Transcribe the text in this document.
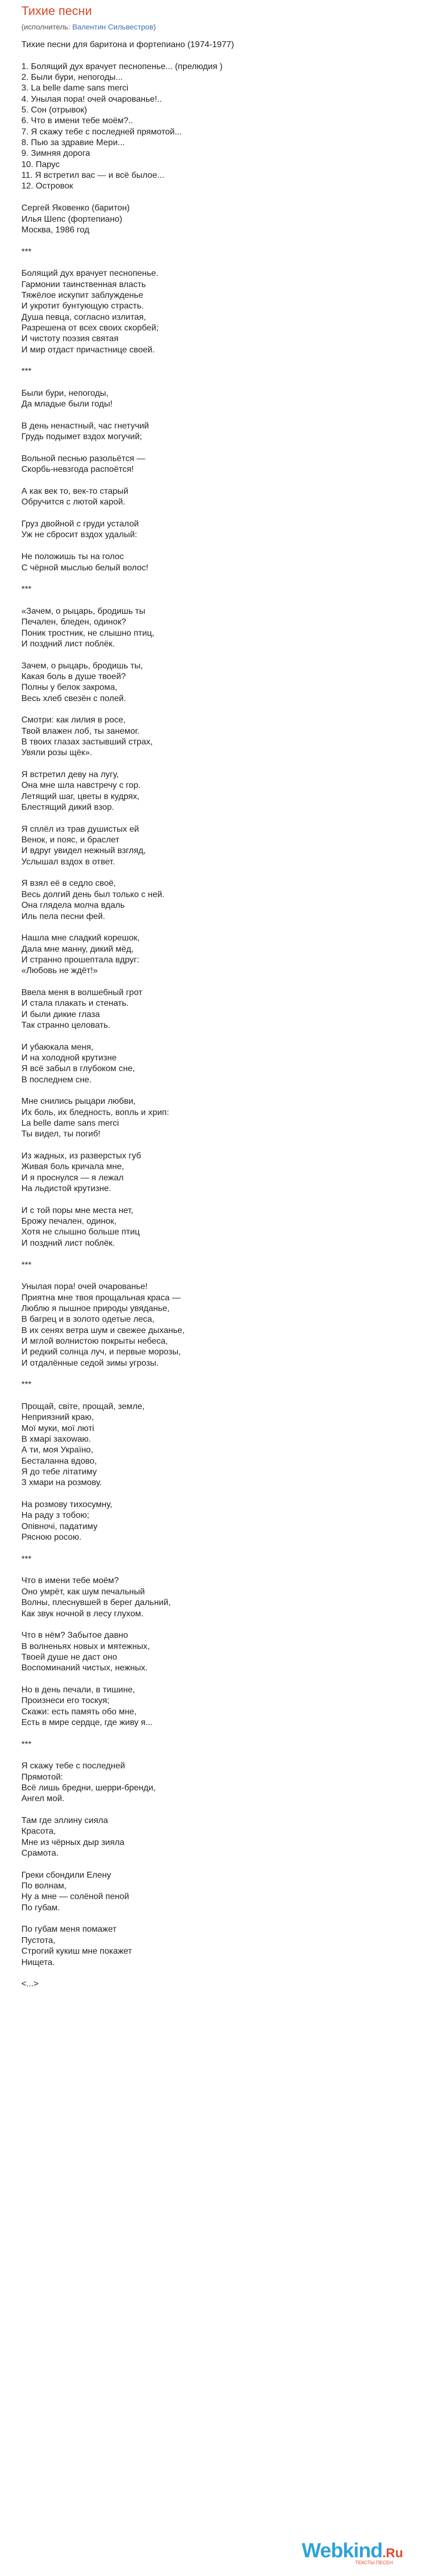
Тихие песни
(исполнитель: Валентин Сильвестров)
Тихие песни для баритона и фортепиано (1974-1977)

1. Болящий дух врачует песнопенье... (прелюдия )
2. Были бури, непогоды...
3. La belle dame sans merci
4. Унылая пора! очей очарованье!..
5. Сон (отрывок)
6. Что в имени тебе моём?..
7. Я скажу тебе с последней прямотой...
8. Пью за здравие Мери...
9. Зимняя дорога
10. Парус
11. Я встретил вас — и всё былое...
12. Островок

Сергей Яковенко (баритон)
Илья Шепс (фортепиано)
Москва, 1986 год

***

Болящий дух врачует песнопенье.
Гармонии таинственная власть
Тяжёлое искупит заблужденье
И укротит бунтующую страсть.
Душа певца, согласно излитая,
Разрешена от всех своих скорбей;
И чистоту поэзия святая
И мир отдаст причастнице своей.

***

Были бури, непогоды,
Да младые были годы!

В день ненастный, час гнетучий
Грудь подымет вздох могучий;

Вольной песнью разольётся —
Скорбь-невзгода распоётся!

А как век то, век-то старый
Обручится с лютой карой.

Груз двойной с груди усталой
Уж не сбросит вздох удалый:

Не положишь ты на голос
С чёрной мыслью белый волос!

***

«Зачем, о рыцарь, бродишь ты
Печален, бледен, одинок?
Поник тростник, не слышно птиц,
И поздний лист поблёк.

Зачем, о рыцарь, бродишь ты,
Какая боль в душе твоей?
Полны у белок закрома,
Весь хлеб свезён с полей.

Смотри: как лилия в росе,
Твой влажен лоб, ты занемог.
В твоих глазах застывший страх,
Увяли розы щёк».

Я встретил деву на лугу,
Она мне шла навстречу с гор.
Летящий шаг, цветы в кудрях,
Блестящий дикий взор.

Я сплёл из трав душистых ей
Венок, и пояс, и браслет
И вдруг увидел нежный взгляд,
Услышал вздох в ответ.

Я взял её в седло своё,
Весь долгий день был только с ней.
Она глядела молча вдаль
Иль пела песни фей.

Нашла мне сладкий корешок,
Дала мне манну, дикий мёд,
И странно прошептала вдруг:
«Любовь не ждёт!»

Ввела меня в волшебный грот
И стала плакать и стенать.
И были дикие глаза
Так странно целовать.

И убаюкала меня,
И на холодной крутизне
Я всё забыл в глубоком сне,
В последнем сне.

Мне снились рыцари любви,
Их боль, их бледность, вопль и хрип:
La belle dame sans merci
Ты видел, ты погиб!

Из жадных, из разверстых губ
Живая боль кричала мне,
И я проснулся — я лежал
На льдистой крутизне.

И с той поры мне места нет,
Брожу печален, одинок,
Хотя не слышно больше птиц
И поздний лист поблёк.

***

Унылая пора! очей очарованье!
Приятна мне твоя прощальная краса —
Люблю я пышное природы увяданье,
В багрец и в золото одетые леса,
В их сенях ветра шум и свежее дыханье,
И мглой волнистою покрыты небеса,
И редкий солнца луч, и первые морозы,
И отдалённые седой зимы угрозы.

***

Прощай, світе, прощай, земле,
Неприязний краю,
Мої муки, мої люті
В хмарі захowаю.
А ти, моя Україно,
Бесталанна вдово,
Я до тебе літатиму
З хмари на розмову.

На розмову тихосумну,
На раду з тобою;
Опівночі, падатиму
Рясною росою.

***

Что в имени тебе моём?
Оно умрёт, как шум печальный
Волны, плеснувшей в берег дальний,
Как звук ночной в лесу глухом.

Что в нём? Забытое давно
В волненьях новых и мятежных,
Твоей душе не даст оно
Воспоминаний чистых, нежных.

Но в день печали, в тишине,
Произнеси его тоскуя;
Скажи: есть память обо мне,
Есть в мире сердце, где живу я...

***

Я скажу тебе с последней
Прямотой:
Всё лишь бредни, шерри-бренди,
Ангел мой.

Там где эллину сияла
Красота,
Мне из чёрных дыр зияла
Срамота.

Греки сбондили Елену
По волнам,
Ну а мне — солёной пеной
По губам.

По губам меня помажет
Пустота,
Строгий кукиш мне покажет
Нищета.

<...>
Webkind.Ru
ТЕКСТЫ ПЕСЕН
